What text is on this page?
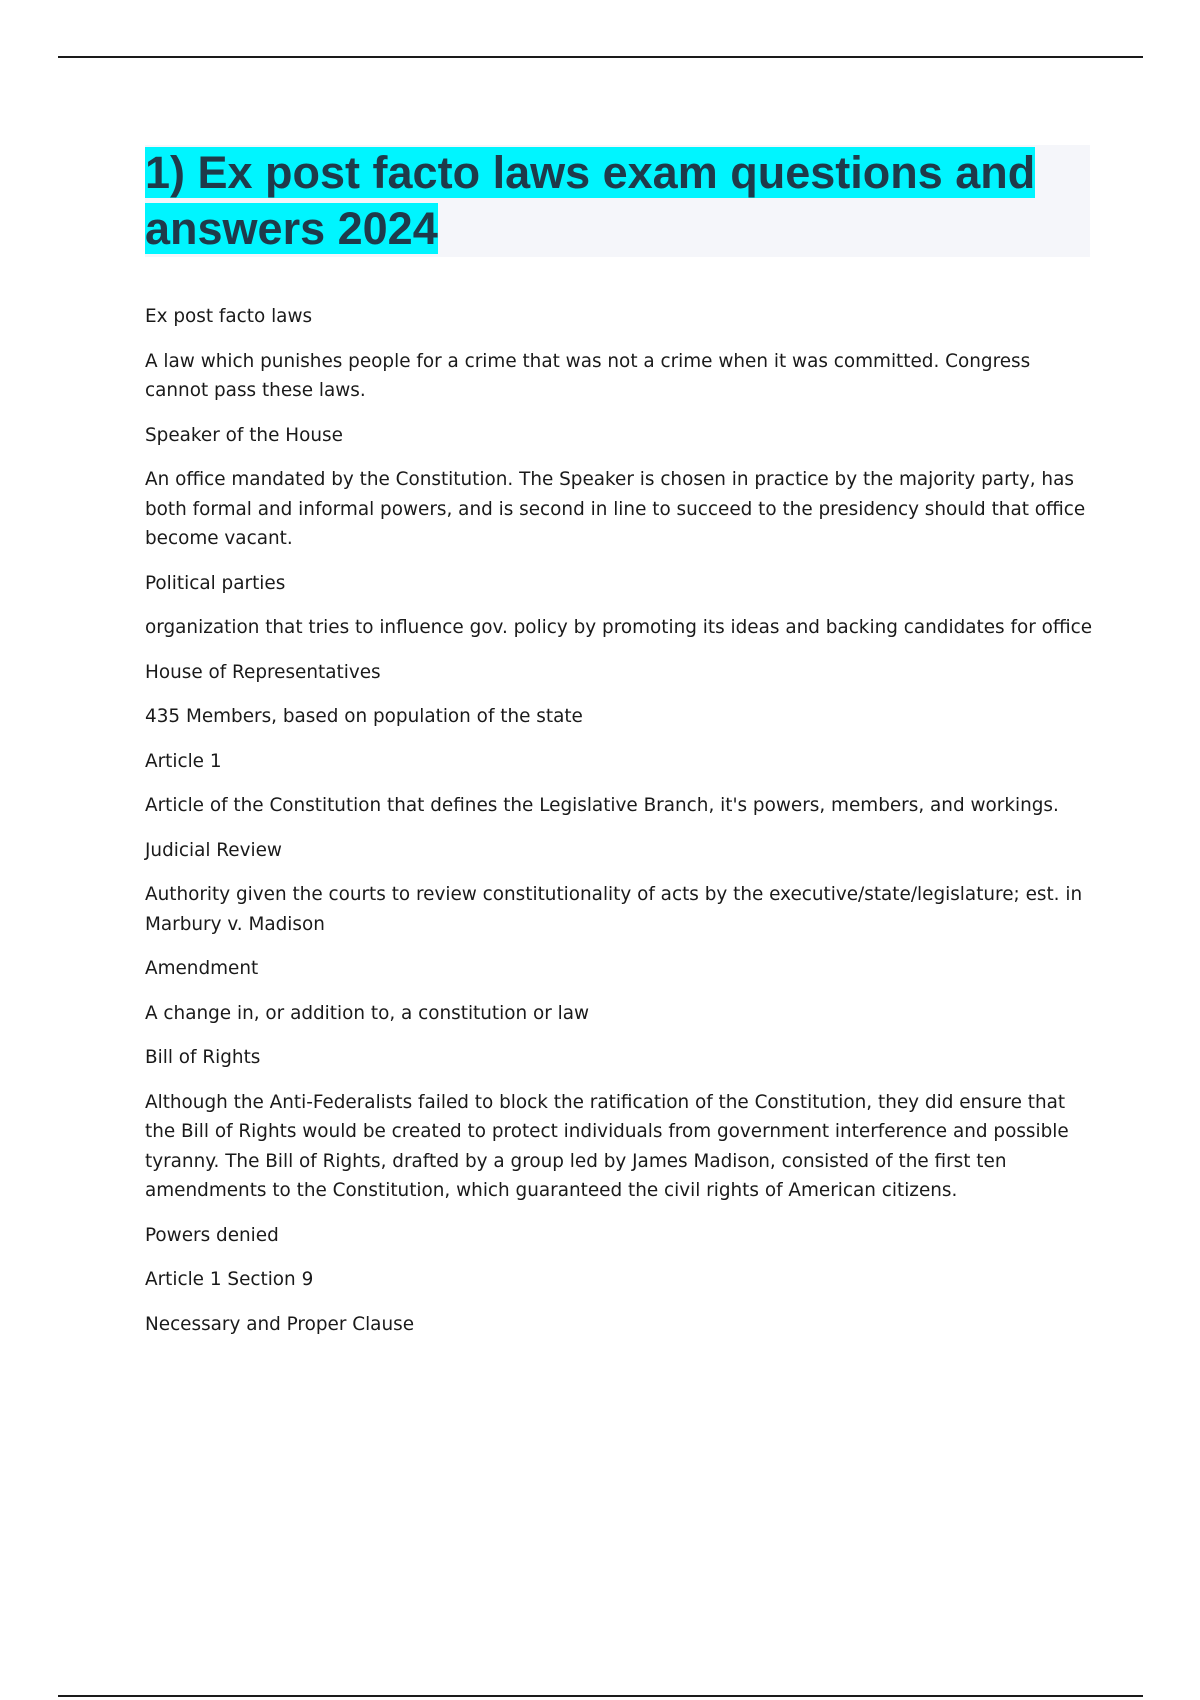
1) Ex post facto laws exam questions and answers 2024

Ex post facto laws

A law which punishes people for a crime that was not a crime when it was committed. Congress cannot pass these laws.

Speaker of the House

An office mandated by the Constitution. The Speaker is chosen in practice by the majority party, has both formal and informal powers, and is second in line to succeed to the presidency should that office become vacant.

Political parties

organization that tries to influence gov. policy by promoting its ideas and backing candidates for office

House of Representatives

435 Members, based on population of the state

Article 1

Article of the Constitution that defines the Legislative Branch, it's powers, members, and workings.

Judicial Review

Authority given the courts to review constitutionality of acts by the executive/state/legislature; est. in Marbury v. Madison

Amendment

A change in, or addition to, a constitution or law

Bill of Rights

Although the Anti-Federalists failed to block the ratification of the Constitution, they did ensure that the Bill of Rights would be created to protect individuals from government interference and possible tyranny. The Bill of Rights, drafted by a group led by James Madison, consisted of the first ten amendments to the Constitution, which guaranteed the civil rights of American citizens.

Powers denied

Article 1 Section 9

Necessary and Proper Clause
